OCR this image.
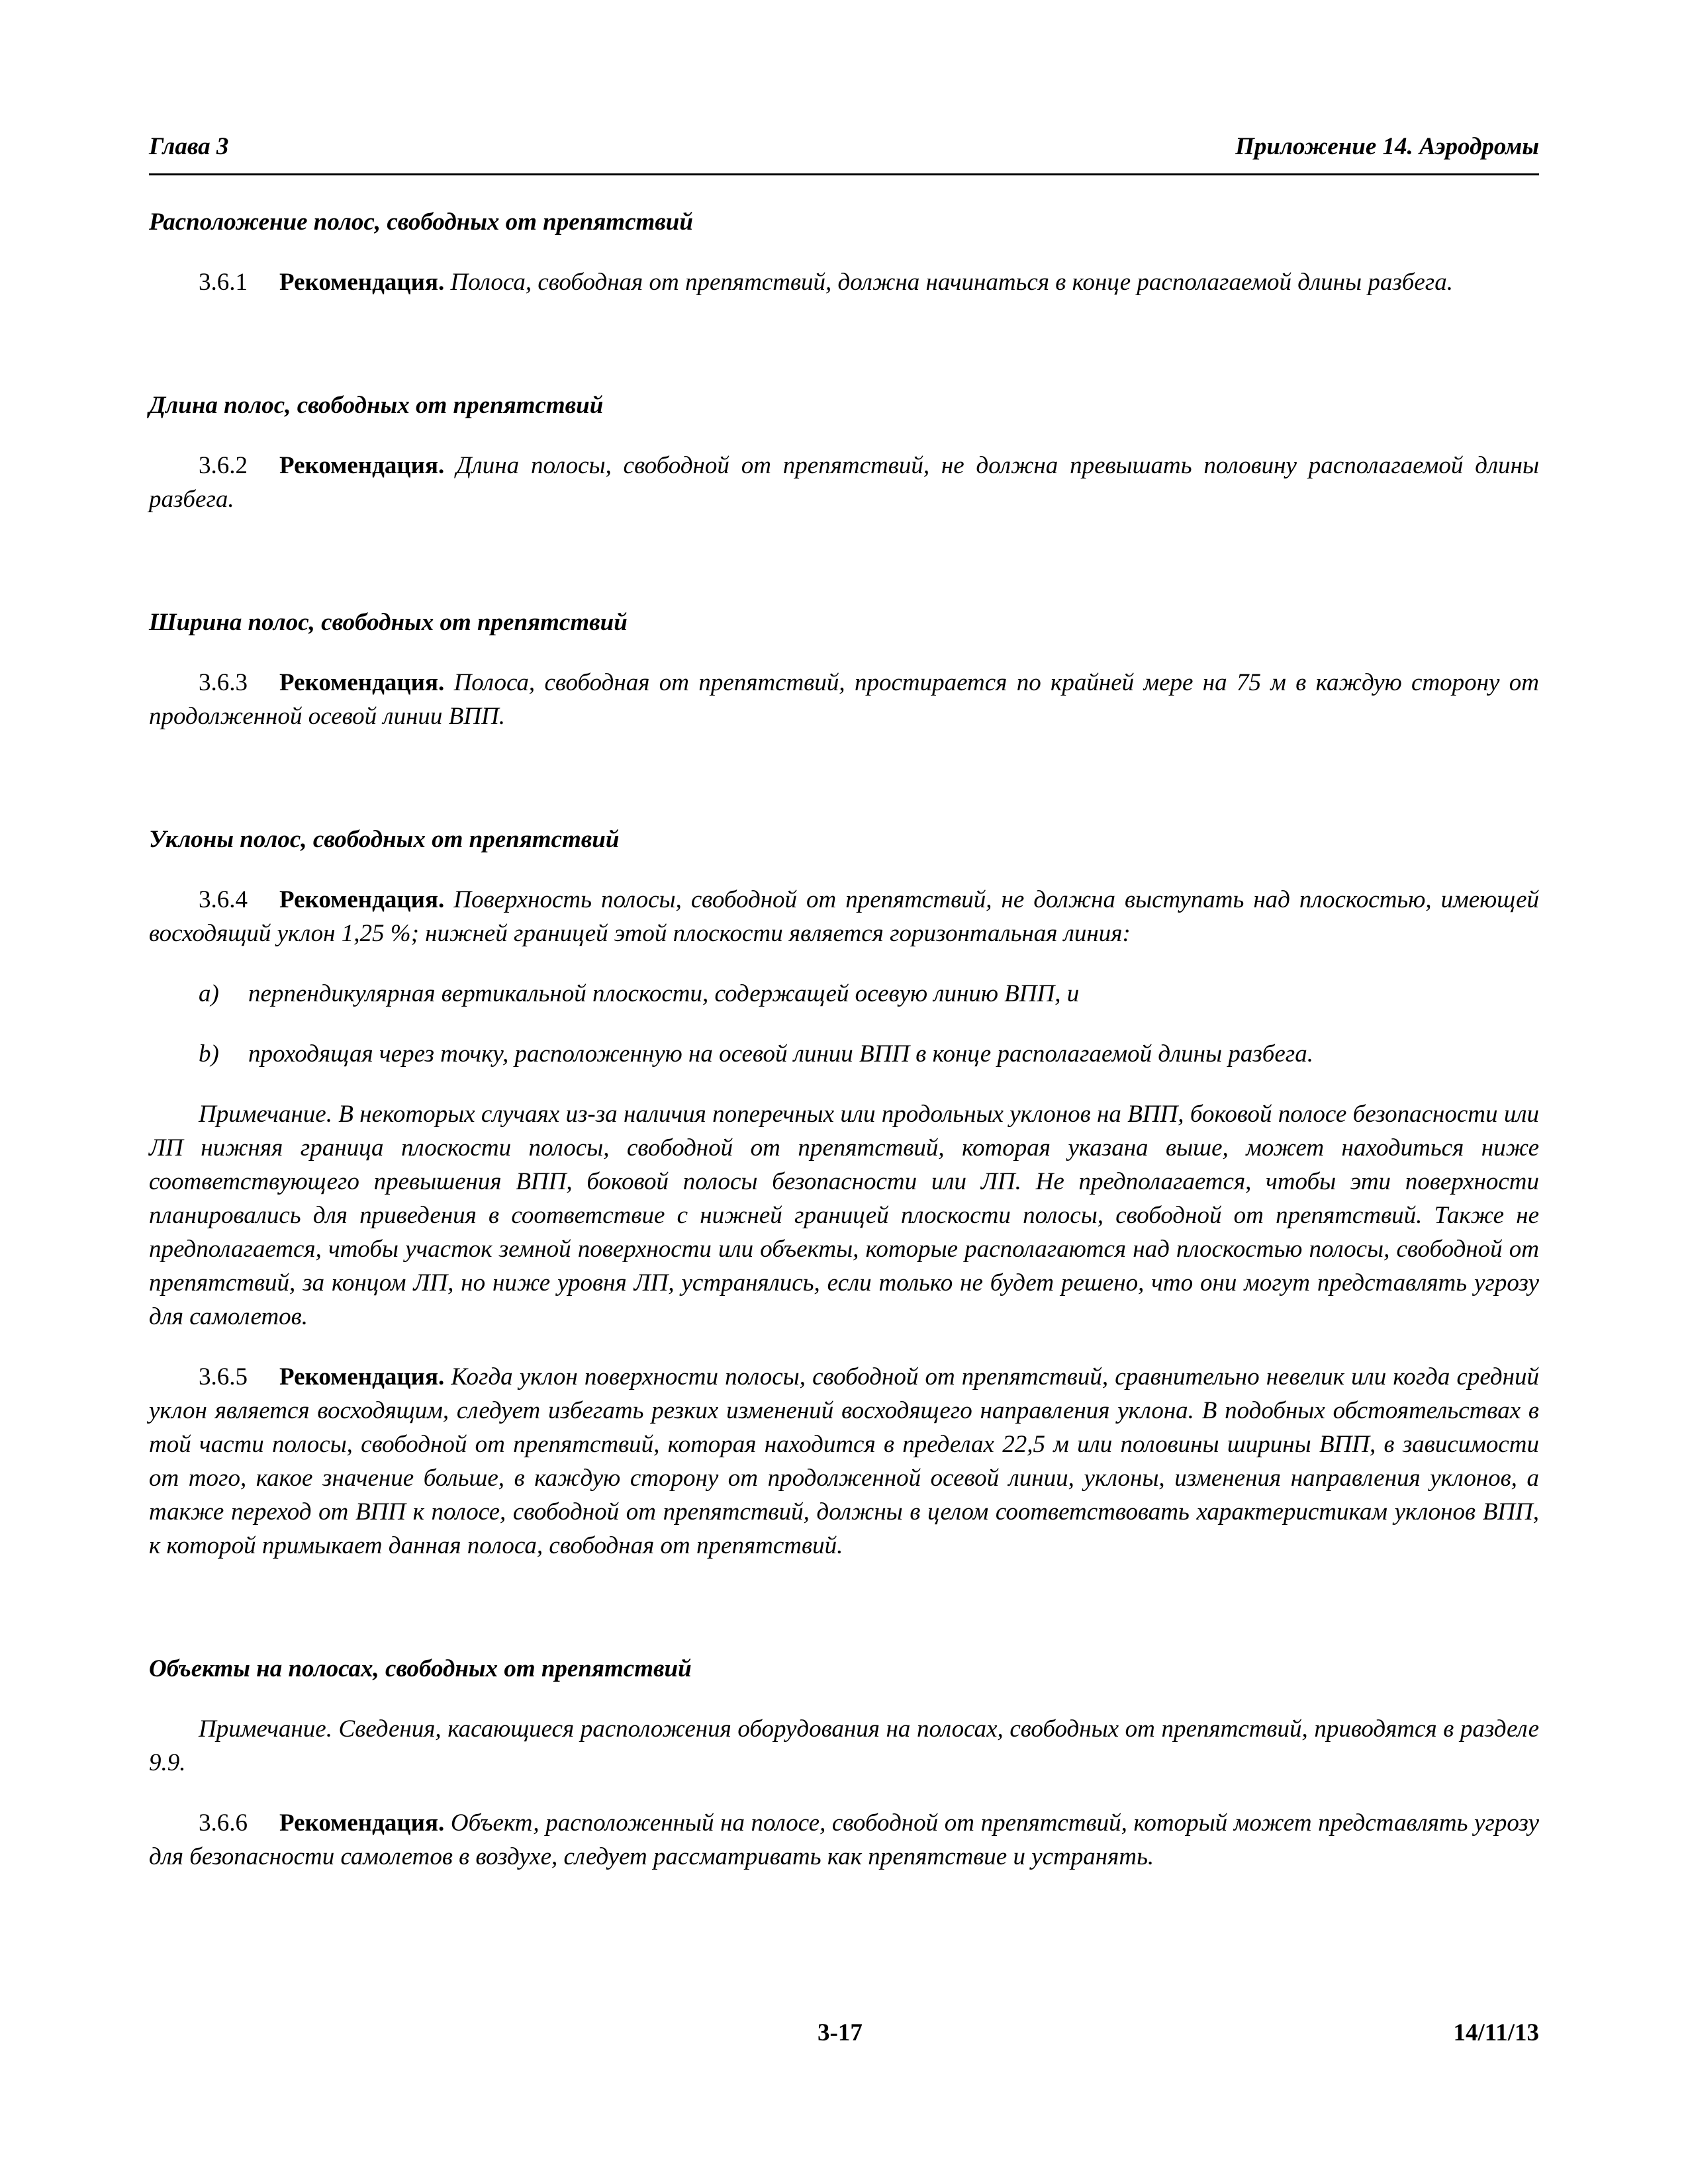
Глава 3	Приложение 14. Аэродромы
Расположение полос, свободных от препятствий
3.6.1 Рекомендация. Полоса, свободная от препятствий, должна начинаться в конце располагаемой длины разбега.
Длина полос, свободных от препятствий
3.6.2 Рекомендация. Длина полосы, свободной от препятствий, не должна превышать половину располагаемой длины разбега.
Ширина полос, свободных от препятствий
3.6.3 Рекомендация. Полоса, свободная от препятствий, простирается по крайней мере на 75 м в каждую сторону от продолженной осевой линии ВПП.
Уклоны полос, свободных от препятствий
3.6.4 Рекомендация. Поверхность полосы, свободной от препятствий, не должна выступать над плоскостью, имеющей восходящий уклон 1,25 %; нижней границей этой плоскости является горизонтальная линия:
a) перпендикулярная вертикальной плоскости, содержащей осевую линию ВПП, и
b) проходящая через точку, расположенную на осевой линии ВПП в конце располагаемой длины разбега.
Примечание. В некоторых случаях из-за наличия поперечных или продольных уклонов на ВПП, боковой полосе безопасности или ЛП нижняя граница плоскости полосы, свободной от препятствий, которая указана выше, может находиться ниже соответствующего превышения ВПП, боковой полосы безопасности или ЛП. Не предполагается, чтобы эти поверхности планировались для приведения в соответствие с нижней границей плоскости полосы, свободной от препятствий. Также не предполагается, чтобы участок земной поверхности или объекты, которые располагаются над плоскостью полосы, свободной от препятствий, за концом ЛП, но ниже уровня ЛП, устранялись, если только не будет решено, что они могут представлять угрозу для самолетов.
3.6.5 Рекомендация. Когда уклон поверхности полосы, свободной от препятствий, сравнительно невелик или когда средний уклон является восходящим, следует избегать резких изменений восходящего направления уклона. В подобных обстоятельствах в той части полосы, свободной от препятствий, которая находится в пределах 22,5 м или половины ширины ВПП, в зависимости от того, какое значение больше, в каждую сторону от продолженной осевой линии, уклоны, изменения направления уклонов, а также переход от ВПП к полосе, свободной от препятствий, должны в целом соответствовать характеристикам уклонов ВПП, к которой примыкает данная полоса, свободная от препятствий.
Объекты на полосах, свободных от препятствий
Примечание. Сведения, касающиеся расположения оборудования на полосах, свободных от препятствий, приводятся в разделе 9.9.
3.6.6 Рекомендация. Объект, расположенный на полосе, свободной от препятствий, который может представлять угрозу для безопасности самолетов в воздухе, следует рассматривать как препятствие и устранять.
3-17	14/11/13
